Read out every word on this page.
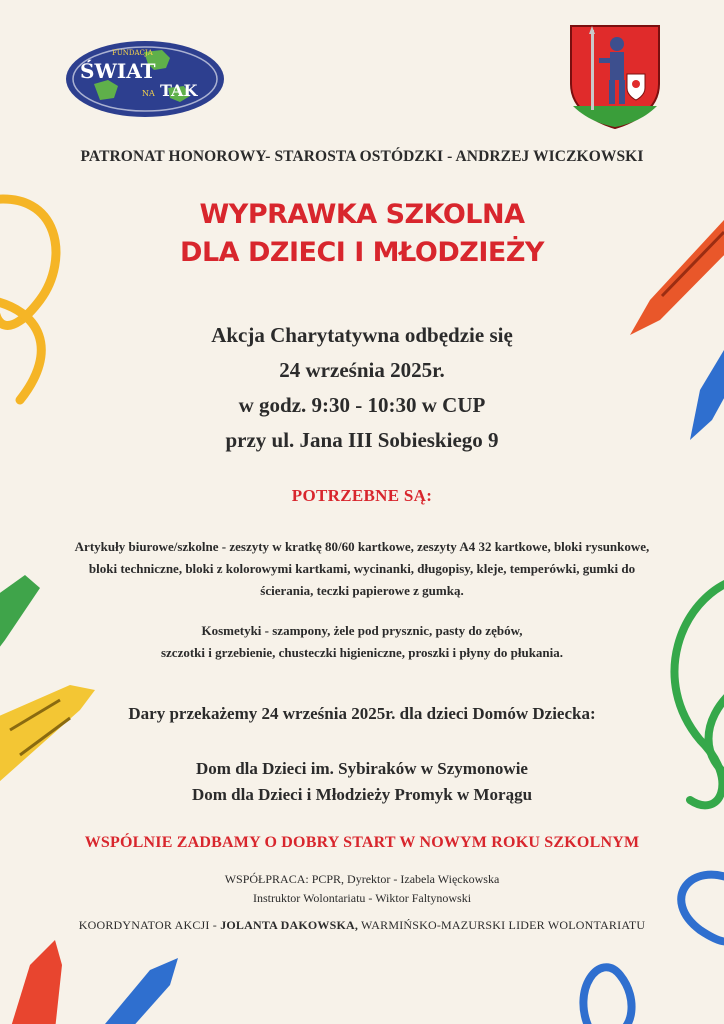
FUNDACJA
ŚWIAT
NA TAK
PATRONAT HONOROWY- STAROSTA OSTÓDZKI - ANDRZEJ WICZKOWSKI
WYPRAWKA SZKOLNA
DLA DZIECI I MŁODZIEŻY
Akcja Charytatywna odbędzie się
24 września 2025r.
w godz. 9:30 - 10:30 w CUP
przy ul. Jana III Sobieskiego 9
POTRZEBNE SĄ:
Artykuły biurowe/szkolne - zeszyty w kratkę 80/60 kartkowe, zeszyty A4 32 kartkowe, bloki rysunkowe,
bloki techniczne, bloki z kolorowymi kartkami, wycinanki, długopisy, kleje, temperówki, gumki do
ścierania, teczki papierowe z gumką.
Kosmetyki - szampony, żele pod prysznic, pasty do zębów,
szczotki i grzebienie, chusteczki higieniczne, proszki i płyny do płukania.
Dary przekażemy 24 września 2025r. dla dzieci Domów Dziecka:
Dom dla Dzieci im. Sybiraków w Szymonowie
Dom dla Dzieci i Młodzieży Promyk w Morągu
WSPÓLNIE ZADBAMY O DOBRY START W NOWYM ROKU SZKOLNYM
WSPÓŁPRACA: PCPR, Dyrektor - Izabela Więckowska
Instruktor Wolontariatu - Wiktor Faltynowski
KOORDYNATOR AKCJI - JOLANTA DAKOWSKA, WARMIŃSKO-MAZURSKI LIDER WOLONTARIATU
